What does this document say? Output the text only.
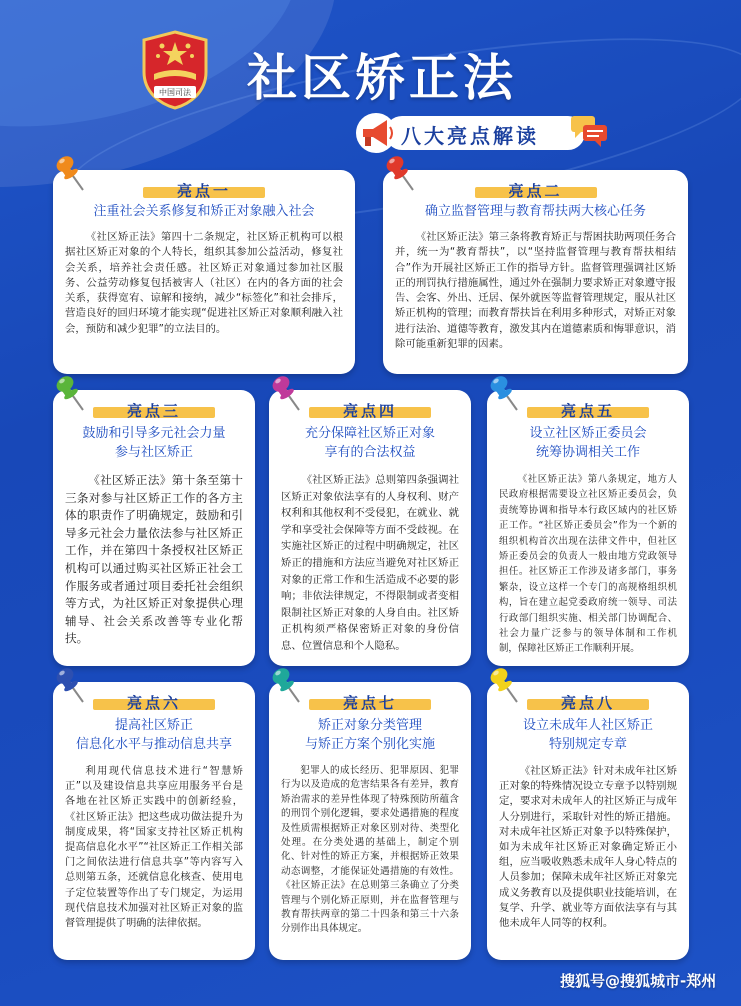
中国司法 社区矫正法
八大亮点解读
亮点一
注重社会关系修复和矫正对象融入社会
《社区矫正法》第四十二条规定，社区矫正机构可以根据社区矫正对象的个人特长，组织其参加公益活动，修复社会关系，培养社会责任感。社区矫正对象通过参加社区服务、公益劳动修复包括被害人（社区）在内的各方面的社会关系，获得宽宥、谅解和接纳，减少“标签化”和社会排斥，营造良好的回归环境才能实现“促进社区矫正对象顺利融入社会，预防和减少犯罪”的立法目的。
亮点二
确立监督管理与教育帮扶两大核心任务
《社区矫正法》第三条将教育矫正与帮困扶助两项任务合并，统一为“教育帮扶”，以“坚持监督管理与教育帮扶相结合”作为开展社区矫正工作的指导方针。监督管理强调社区矫正的刑罚执行措施属性，通过外在强制力要求矫正对象遵守报告、会客、外出、迁居、保外就医等监督管理规定，服从社区矫正机构的管理；而教育帮扶旨在利用多种形式，对矫正对象进行法治、道德等教育，激发其内在道德素质和悔罪意识，消除可能重新犯罪的因素。
亮点三
鼓励和引导多元社会力量
参与社区矫正
《社区矫正法》第十条至第十三条对参与社区矫正工作的各方主体的职责作了明确规定，鼓励和引导多元社会力量依法参与社区矫正工作，并在第四十条授权社区矫正机构可以通过购买社区矫正社会工作服务或者通过项目委托社会组织等方式，为社区矫正对象提供心理辅导、社会关系改善等专业化帮扶。
亮点四
充分保障社区矫正对象
享有的合法权益
《社区矫正法》总则第四条强调社区矫正对象依法享有的人身权利、财产权利和其他权利不受侵犯，在就业、就学和享受社会保障等方面不受歧视。在实施社区矫正的过程中明确规定，社区矫正的措施和方法应当避免对社区矫正对象的正常工作和生活造成不必要的影响；非依法律规定，不得限制或者变相限制社区矫正对象的人身自由。社区矫正机构须严格保密矫正对象的身份信息、位置信息和个人隐私。
亮点五
设立社区矫正委员会
统筹协调相关工作
《社区矫正法》第八条规定，地方人民政府根据需要设立社区矫正委员会，负责统筹协调和指导本行政区域内的社区矫正工作。“社区矫正委员会”作为一个新的组织机构首次出现在法律文件中，但社区矫正委员会的负责人一般由地方党政领导担任。社区矫正工作涉及诸多部门，事务繁杂，设立这样一个专门的高规格组织机构，旨在建立起党委政府统一领导、司法行政部门组织实施、相关部门协调配合、社会力量广泛参与的领导体制和工作机制，保障社区矫正工作顺利开展。
亮点六
提高社区矫正
信息化水平与推动信息共享
利用现代信息技术进行“智慧矫正”以及建设信息共享应用服务平台是各地在社区矫正实践中的创新经验，《社区矫正法》把这些成功做法提升为制度成果，将“国家支持社区矫正机构提高信息化水平”“社区矫正工作相关部门之间依法进行信息共享”等内容写入总则第五条，还就信息化核查、使用电子定位装置等作出了专门规定，为运用现代信息技术加强对社区矫正对象的监督管理提供了明确的法律依据。
亮点七
矫正对象分类管理
与矫正方案个别化实施
犯罪人的成长经历、犯罪原因、犯罪行为以及造成的危害结果各有差异，教育矫治需求的差异性体现了特殊预防所蕴含的刑罚个别化逻辑，要求处遇措施的程度及性质需根据矫正对象区别对待、类型化处理。在分类处遇的基础上，制定个别化、针对性的矫正方案，并根据矫正效果动态调整，才能保证处遇措施的有效性。《社区矫正法》在总则第三条确立了分类管理与个别化矫正原则，并在监督管理与教育帮扶两章的第二十四条和第三十六条分别作出具体规定。
亮点八
设立未成年人社区矫正
特别规定专章
《社区矫正法》针对未成年社区矫正对象的特殊情况设立专章予以特别规定，要求对未成年人的社区矫正与成年人分别进行，采取针对性的矫正措施。对未成年社区矫正对象予以特殊保护，如为未成年社区矫正对象确定矫正小组，应当吸收熟悉未成年人身心特点的人员参加；保障未成年社区矫正对象完成义务教育以及提供职业技能培训，在复学、升学、就业等方面依法享有与其他未成年人同等的权利。
搜狐号@搜狐城市-郑州
